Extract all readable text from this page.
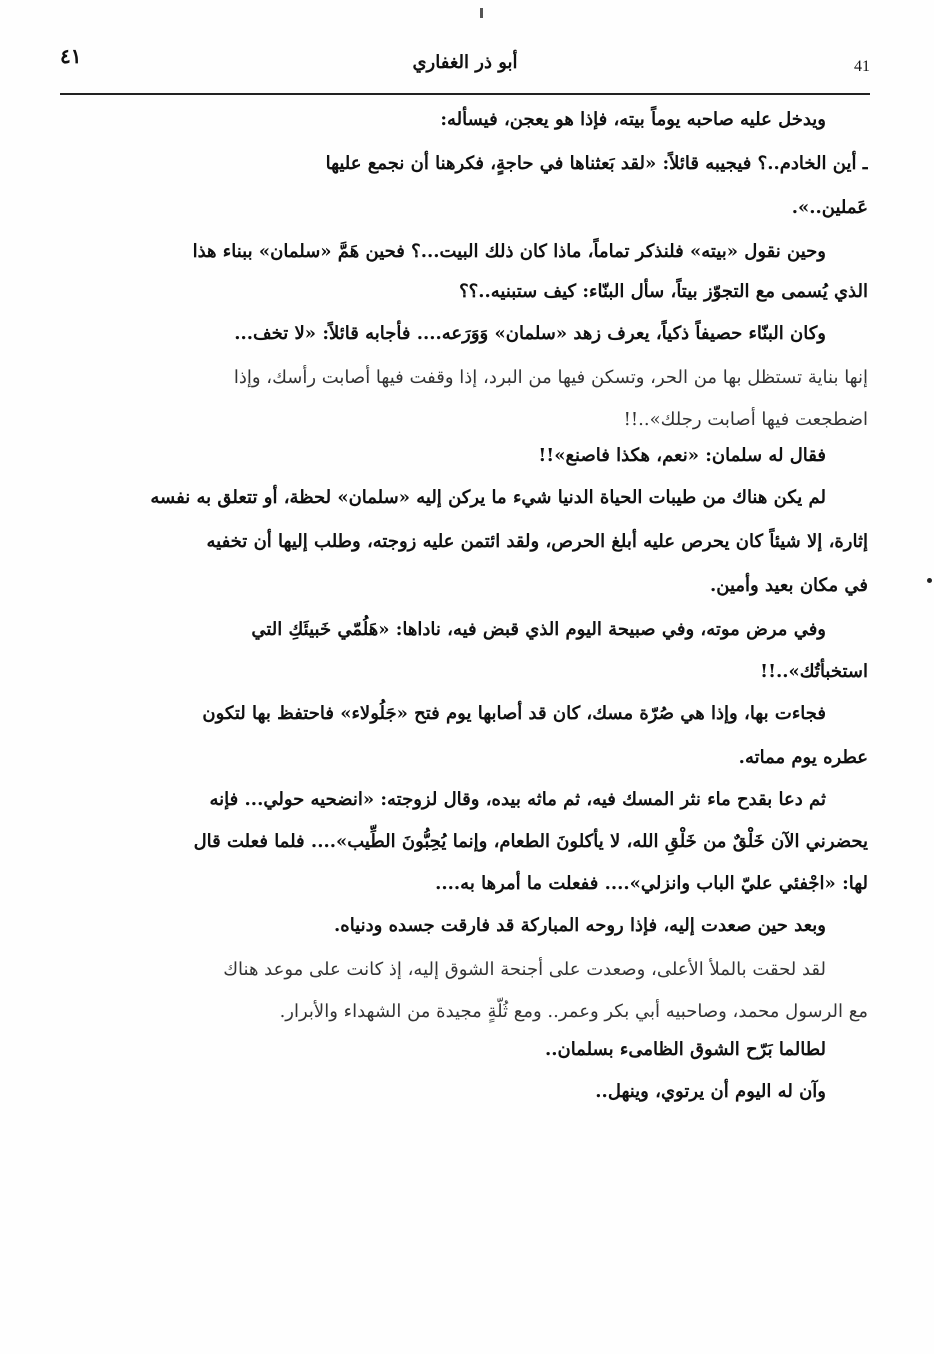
٤١	أبو ذر الغفاري	41
ويدخل عليه صاحبه يوماً بيته، فإذا هو يعجن، فيسأله:
ـ أين الخادم..؟ فيجيبه قائلاً: «لقد بَعثناها في حاجةٍ، فكرهنا أن نجمع عليها
عَملين..».
وحين نقول «بيته» فلنذكر تماماً، ماذا كان ذلك البيت...؟ فحين هَمَّ «سلمان» ببناء هذا
الذي يُسمى مع التجوّز بيتاً، سأل البنّاء: كيف ستبنيه..؟؟
وكان البنّاء حصيفاً ذكياً، يعرف زهد «سلمان» وَوَرَعه.... فأجابه قائلاً: «لا تخف...
إنها بناية تستظل بها من الحر، وتسكن فيها من البرد، إذا وقفت فيها أصابت رأسك، وإذا
اضطجعت فيها أصابت رجلك»..!!
فقال له سلمان: «نعم، هكذا فاصنع»!!
لم يكن هناك من طيبات الحياة الدنيا شيء ما يركن إليه «سلمان» لحظة، أو تتعلق به نفسه
إثارة، إلا شيئاً كان يحرص عليه أبلغ الحرص، ولقد ائتمن عليه زوجته، وطلب إليها أن تخفيه
في مكان بعيد وأمين.
وفي مرض موته، وفي صبيحة اليوم الذي قبض فيه، ناداها: «هَلُمّي خَبيئَكِ التي
استخبأتُك»..!!
فجاءت بها، وإذا هي صُرّة مسك، كان قد أصابها يوم فتح «جَلُولاء» فاحتفظ بها لتكون
عطره يوم مماته.
ثم دعا بقدح ماء نثر المسك فيه، ثم ماثه بيده، وقال لزوجته: «انضحيه حولي... فإنه
يحضرني الآن خَلْقٌ من خَلْقِ الله، لا يأكلونَ الطعام، وإنما يُحِبُّونَ الطِّيب».... فلما فعلت قال
لها: «اجْفئي عليّ الباب وانزلي».... ففعلت ما أمرها به....
وبعد حين صعدت إليه، فإذا روحه المباركة قد فارقت جسده ودنياه.
لقد لحقت بالملأ الأعلى، وصعدت على أجنحة الشوق إليه، إذ كانت على موعد هناك
مع الرسول محمد، وصاحبيه أبي بكر وعمر.. ومع ثُلّةٍ مجيدة من الشهداء والأبرار.
لطالما بَرّح الشوق الظامىء بسلمان..
وآن له اليوم أن يرتوي، وينهل..
